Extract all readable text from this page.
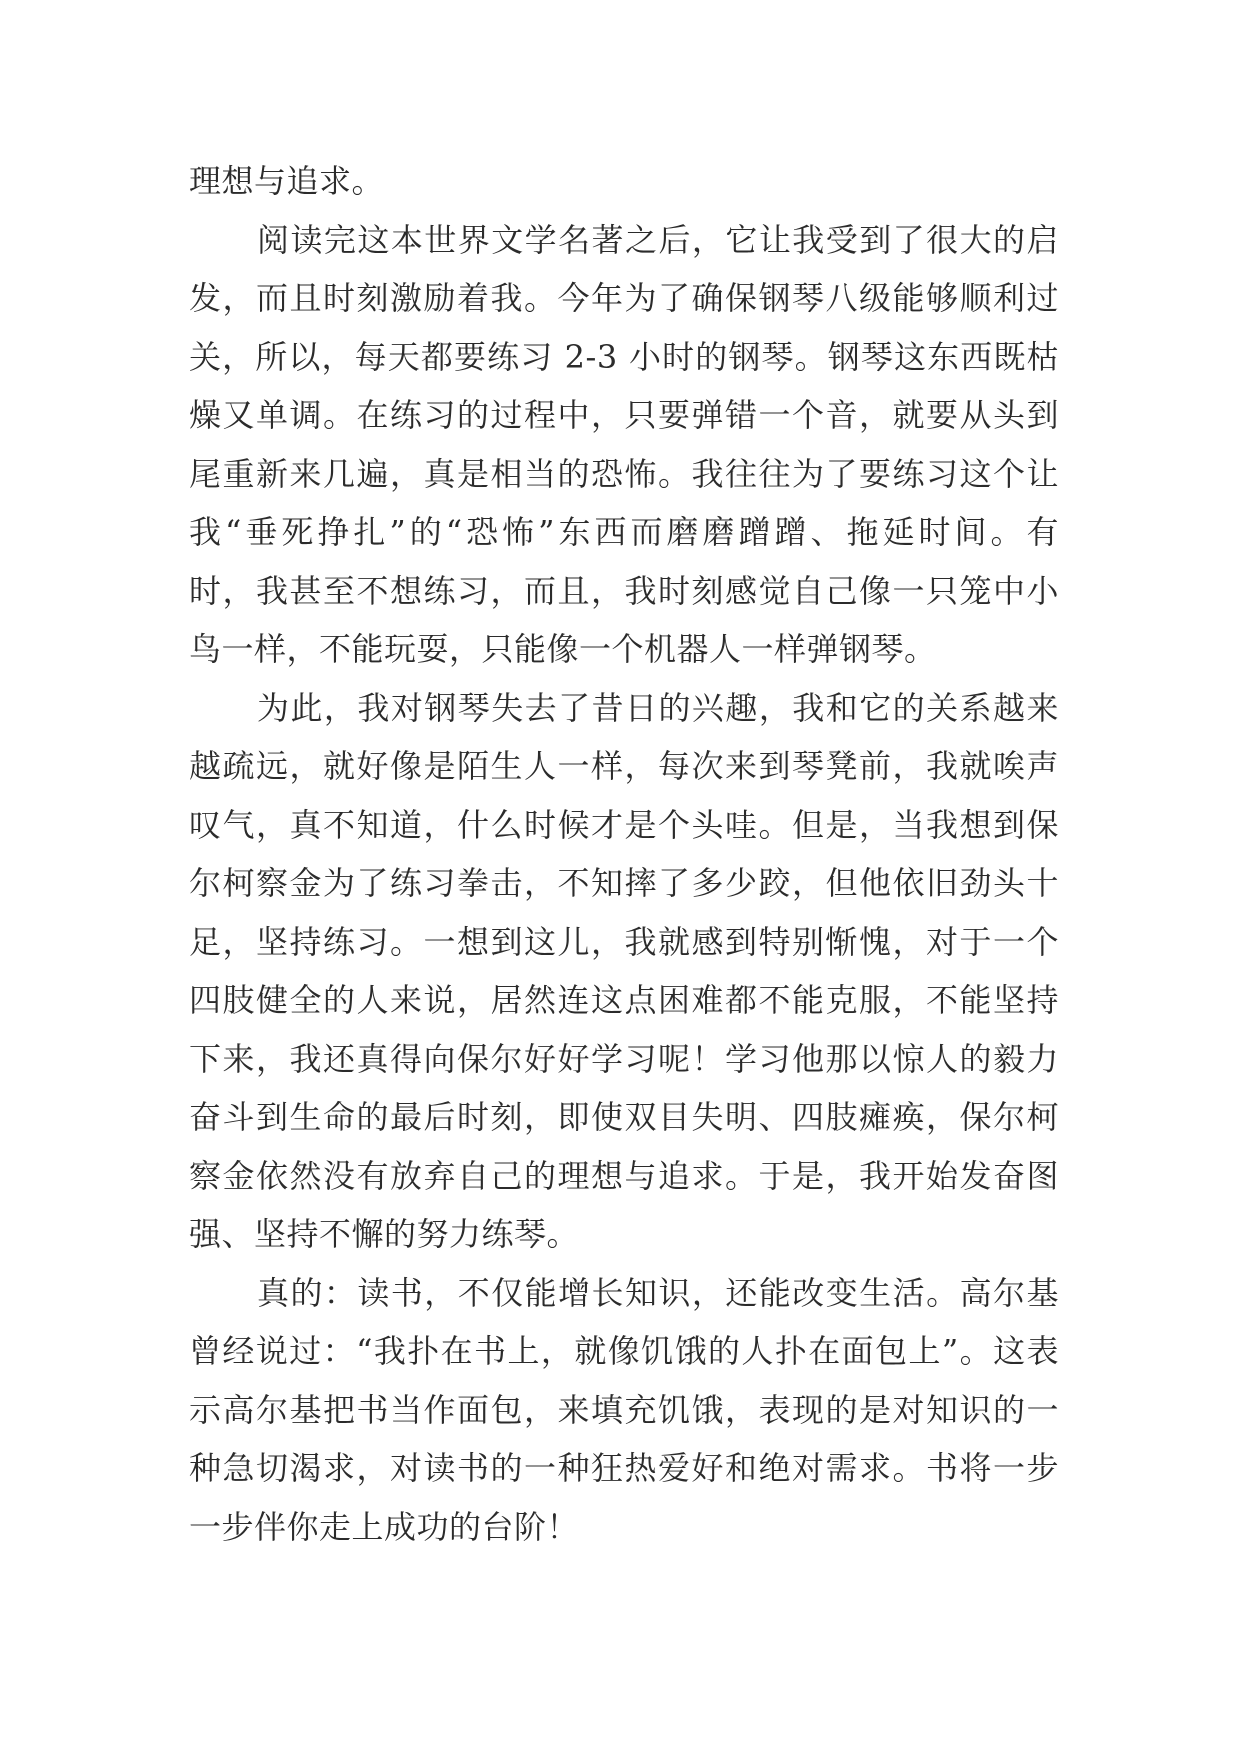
理想与追求。
阅读完这本世界文学名著之后，它让我受到了很大的启
发，而且时刻激励着我。今年为了确保钢琴八级能够顺利过
关，所以，每天都要练习 2-3 小时的钢琴。钢琴这东西既枯
燥又单调。在练习的过程中，只要弹错一个音，就要从头到
尾重新来几遍，真是相当的恐怖。我往往为了要练习这个让
我“垂死挣扎”的“恐怖”东西而磨磨蹭蹭、拖延时间。有
时，我甚至不想练习，而且，我时刻感觉自己像一只笼中小
鸟一样，不能玩耍，只能像一个机器人一样弹钢琴。
为此，我对钢琴失去了昔日的兴趣，我和它的关系越来
越疏远，就好像是陌生人一样，每次来到琴凳前，我就唉声
叹气，真不知道，什么时候才是个头哇。但是，当我想到保
尔柯察金为了练习拳击，不知摔了多少跤，但他依旧劲头十
足，坚持练习。一想到这儿，我就感到特别惭愧，对于一个
四肢健全的人来说，居然连这点困难都不能克服，不能坚持
下来，我还真得向保尔好好学习呢！学习他那以惊人的毅力
奋斗到生命的最后时刻，即使双目失明、四肢瘫痪，保尔柯
察金依然没有放弃自己的理想与追求。于是，我开始发奋图
强、坚持不懈的努力练琴。
真的：读书，不仅能增长知识，还能改变生活。高尔基
曾经说过：“我扑在书上，就像饥饿的人扑在面包上”。这表
示高尔基把书当作面包，来填充饥饿，表现的是对知识的一
种急切渴求，对读书的一种狂热爱好和绝对需求。书将一步
一步伴你走上成功的台阶！
